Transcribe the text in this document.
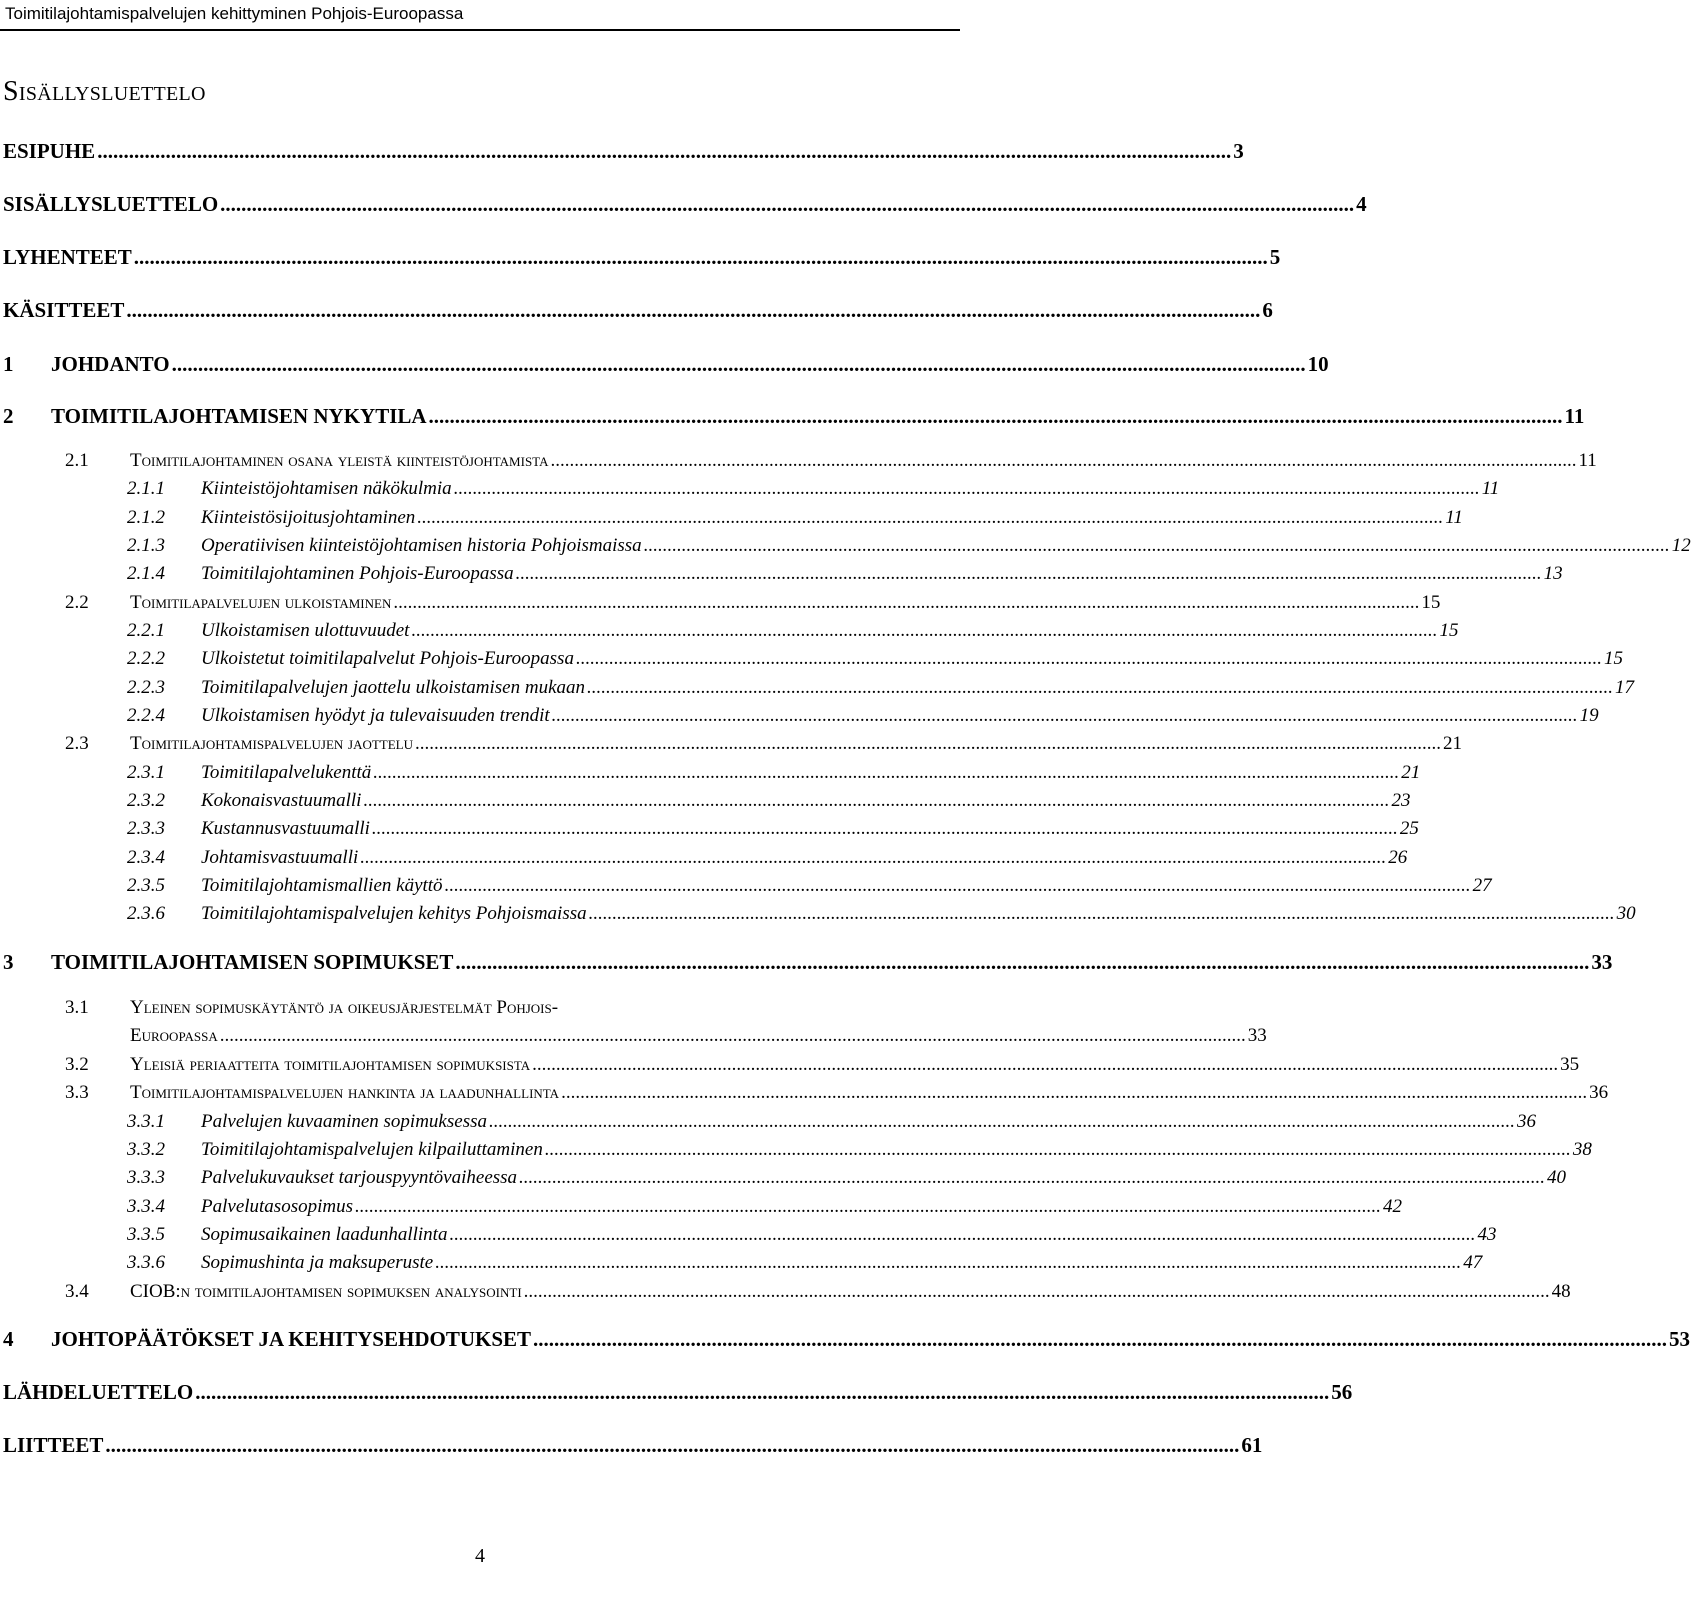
Toimitilajohtamispalvelujen kehittyminen Pohjois-Euroopassa
Sisällysluettelo
ESIPUHE .....	3
SISÄLLYSLUETTELO .....	4
LYHENTEET .....	5
KÄSITTEET .....	6
1	JOHDANTO .....	10
2	TOIMITILAJOHTAMISEN NYKYTILA .....	11
2.1	Toimitilajohtaminen osana yleistä kiinteistöjohtamista .....	11
2.1.1	Kiinteistöjohtamisen näkökulmia .....	11
2.1.2	Kiinteistösijoitusjohtaminen .....	11
2.1.3	Operatiivisen kiinteistöjohtamisen historia Pohjoismaissa .....	12
2.1.4	Toimitilajohtaminen Pohjois-Euroopassa .....	13
2.2	Toimitilapalvelujen ulkoistaminen .....	15
2.2.1	Ulkoistamisen ulottuvuudet .....	15
2.2.2	Ulkoistetut toimitilapalvelut Pohjois-Euroopassa .....	15
2.2.3	Toimitilapalvelujen jaottelu ulkoistamisen mukaan .....	17
2.2.4	Ulkoistamisen hyödyt ja tulevaisuuden trendit .....	19
2.3	Toimitilajohtamispalvelujen jaottelu .....	21
2.3.1	Toimitilapalvelukenttä .....	21
2.3.2	Kokonaisvastuumalli .....	23
2.3.3	Kustannusvastuumalli .....	25
2.3.4	Johtamisvastuumalli .....	26
2.3.5	Toimitilajohtamismallien käyttö .....	27
2.3.6	Toimitilajohtamispalvelujen kehitys Pohjoismaissa .....	30
3	TOIMITILAJOHTAMISEN SOPIMUKSET .....	33
3.1	Yleinen sopimuskäytäntö ja oikeusjärjestelmät Pohjois-
Euroopassa .....	33
3.2	Yleisiä periaatteita toimitilajohtamisen sopimuksista .....	35
3.3	Toimitilajohtamispalvelujen hankinta ja laadunhallinta .....	36
3.3.1	Palvelujen kuvaaminen sopimuksessa .....	36
3.3.2	Toimitilajohtamispalvelujen kilpailuttaminen .....	38
3.3.3	Palvelukuvaukset tarjouspyyntövaiheessa .....	40
3.3.4	Palvelutasosopimus .....	42
3.3.5	Sopimusaikainen laadunhallinta .....	43
3.3.6	Sopimushinta ja maksuperuste .....	47
3.4	CIOB:n toimitilajohtamisen sopimuksen analysointi .....	48
4	JOHTOPÄÄTÖKSET JA KEHITYSEHDOTUKSET .....	53
LÄHDELUETTELO .....	56
LIITTEET .....	61
4
